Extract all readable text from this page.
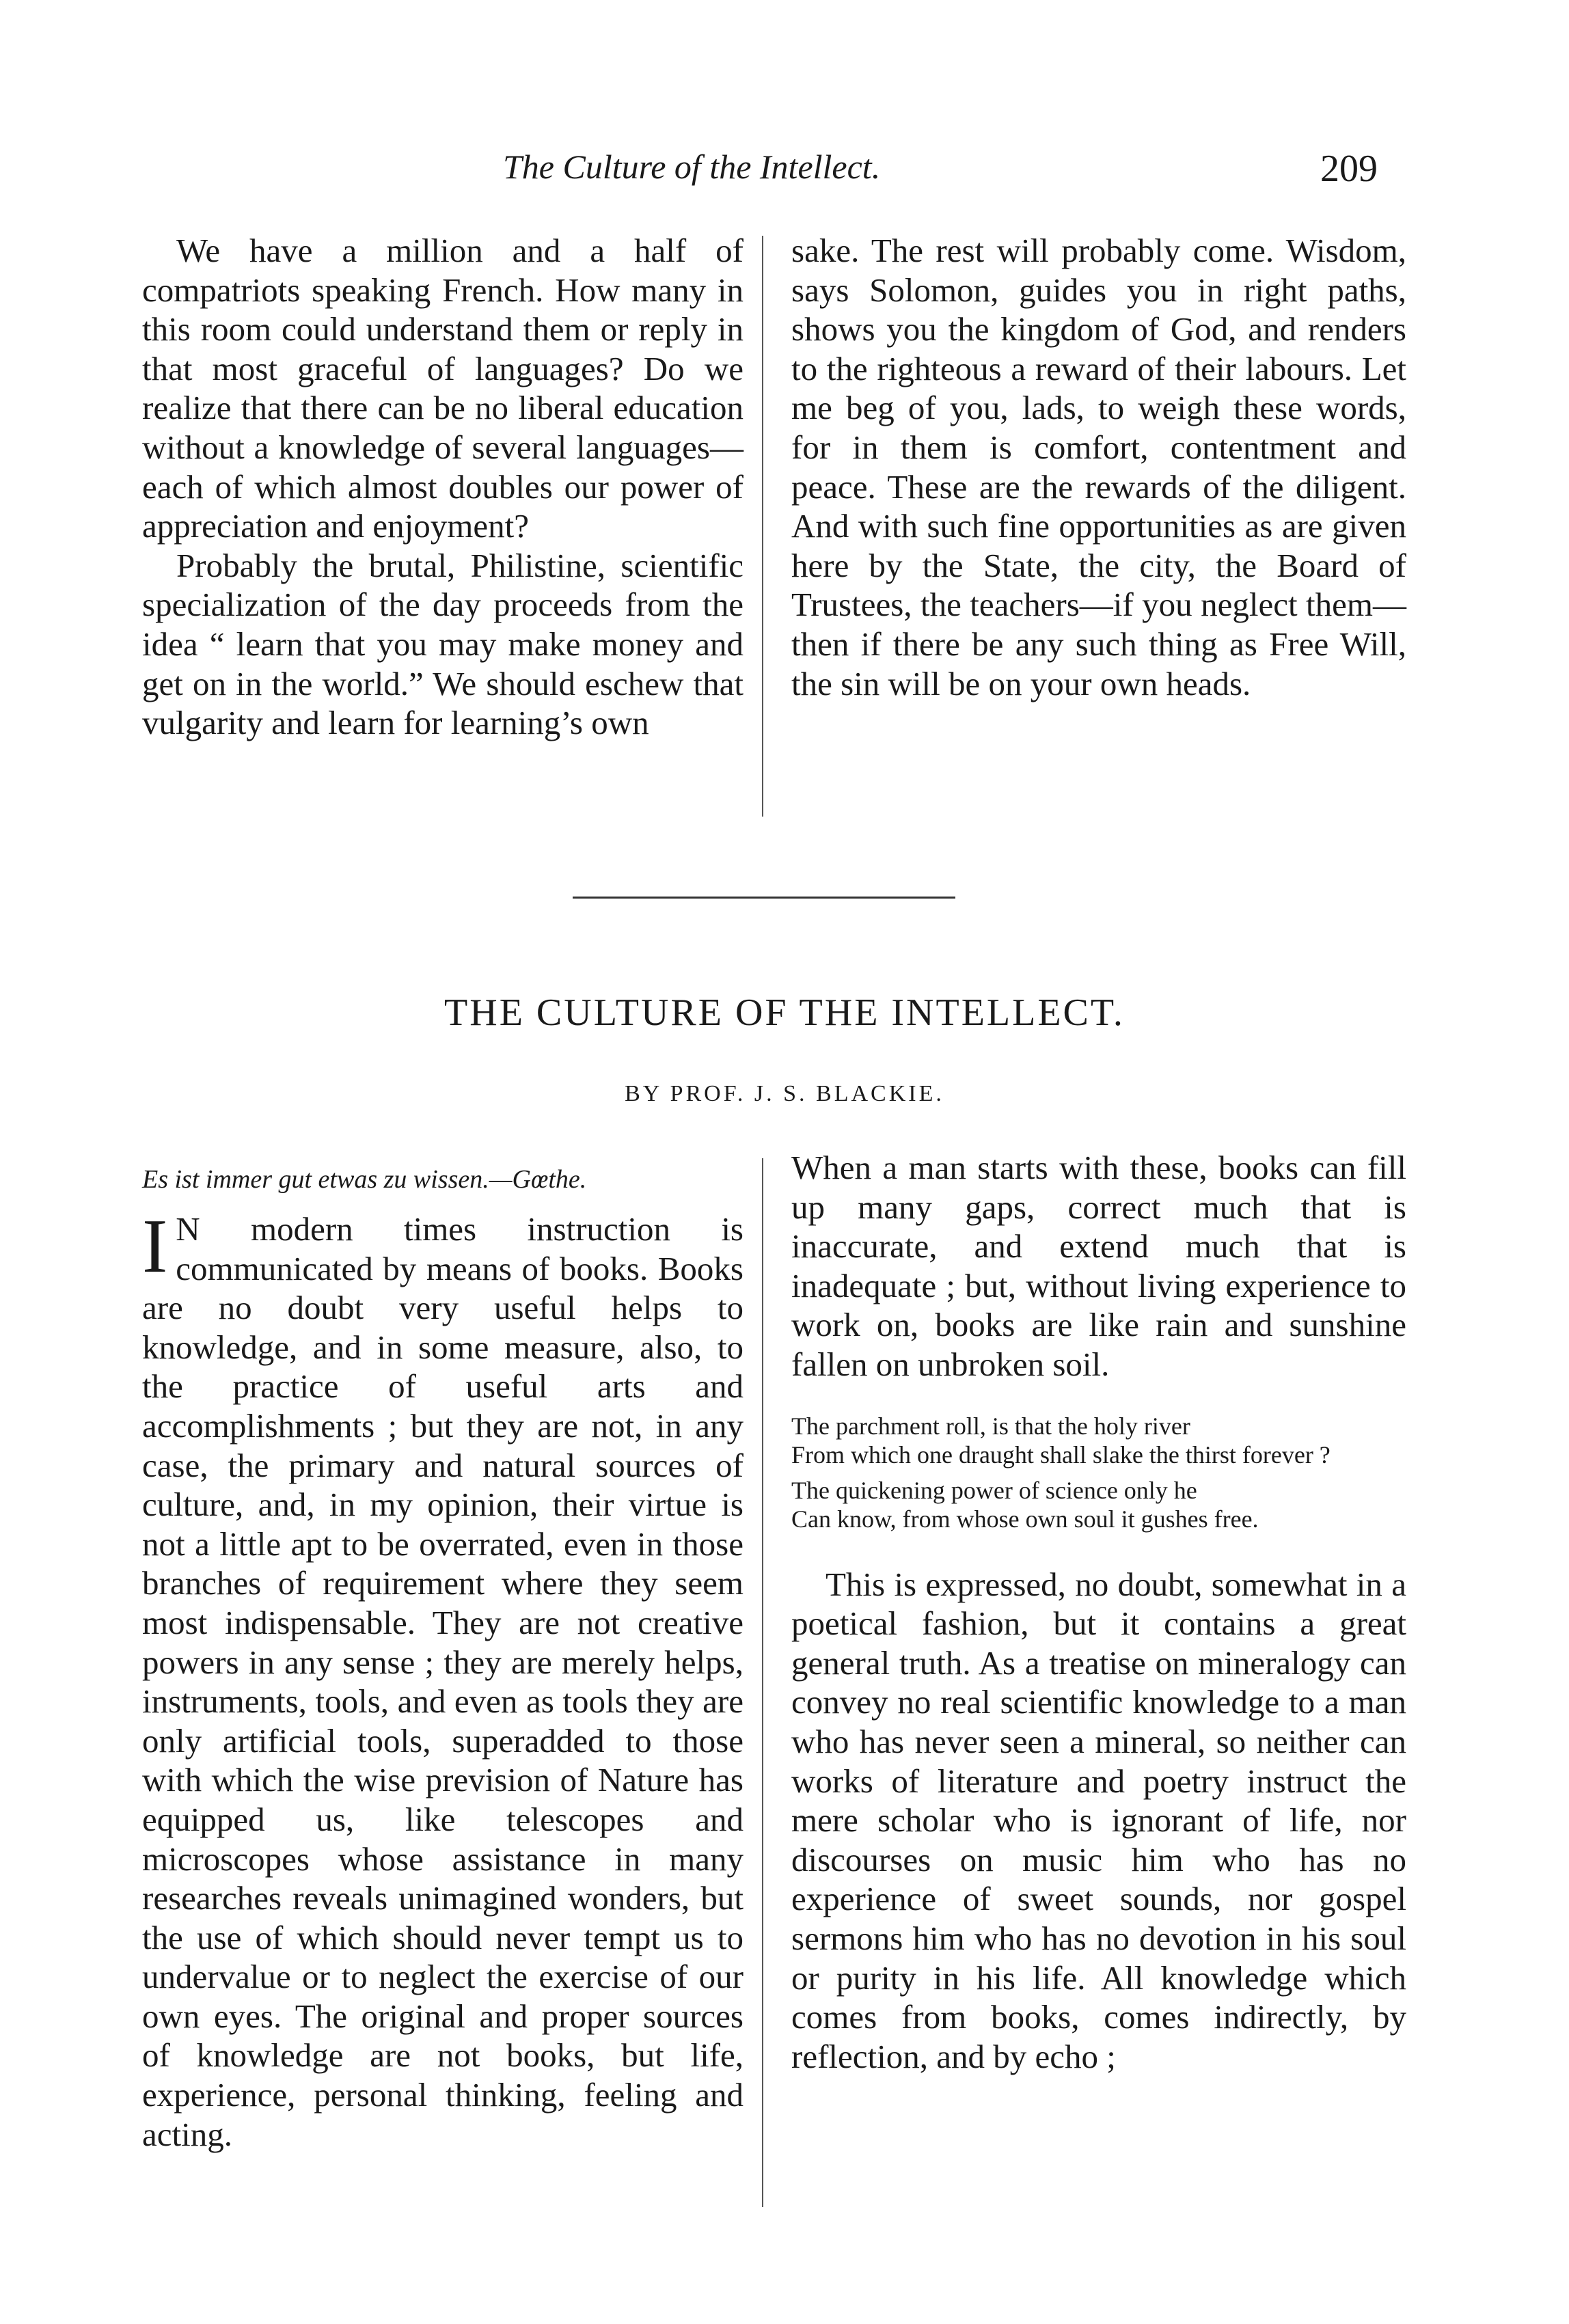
The Culture of the Intellect.	209

We have a million and a half of compatriots speaking French. How many in this room could understand them or reply in that most graceful of languages? Do we realize that there can be no liberal education without a knowledge of several languages—each of which almost doubles our power of appreciation and enjoyment?

Probably the brutal, Philistine, scientific specialization of the day proceeds from the idea “ learn that you may make money and get on in the world.” We should eschew that vulgarity and learn for learning’s own

sake. The rest will probably come. Wisdom, says Solomon, guides you in right paths, shows you the kingdom of God, and renders to the righteous a reward of their labours. Let me beg of you, lads, to weigh these words, for in them is comfort, contentment and peace. These are the rewards of the diligent. And with such fine opportunities as are given here by the State, the city, the Board of Trustees, the teachers—if you neglect them—then if there be any such thing as Free Will, the sin will be on your own heads.

THE CULTURE OF THE INTELLECT.
BY PROF. J. S. BLACKIE.

Es ist immer gut etwas zu wissen.—Gœthe.

I N modern times instruction is communicated by means of books. Books are no doubt very useful helps to knowledge, and in some measure, also, to the practice of useful arts and accomplishments ; but they are not, in any case, the primary and natural sources of culture, and, in my opinion, their virtue is not a little apt to be overrated, even in those branches of requirement where they seem most indispensable. They are not creative powers in any sense ; they are merely helps, instruments, tools, and even as tools they are only artificial tools, superadded to those with which the wise prevision of Nature has equipped us, like telescopes and microscopes whose assistance in many researches reveals unimagined wonders, but the use of which should never tempt us to undervalue or to neglect the exercise of our own eyes. The original and proper sources of knowledge are not books, but life, experience, personal thinking, feeling and acting.

When a man starts with these, books can fill up many gaps, correct much that is inaccurate, and extend much that is inadequate ; but, without living experience to work on, books are like rain and sunshine fallen on unbroken soil.

The parchment roll, is that the holy river
From which one draught shall slake the thirst forever ?
The quickening power of science only he
Can know, from whose own soul it gushes free.

This is expressed, no doubt, somewhat in a poetical fashion, but it contains a great general truth. As a treatise on mineralogy can convey no real scientific knowledge to a man who has never seen a mineral, so neither can works of literature and poetry instruct the mere scholar who is ignorant of life, nor discourses on music him who has no experience of sweet sounds, nor gospel sermons him who has no devotion in his soul or purity in his life. All knowledge which comes from books, comes indirectly, by reflection, and by echo ;
